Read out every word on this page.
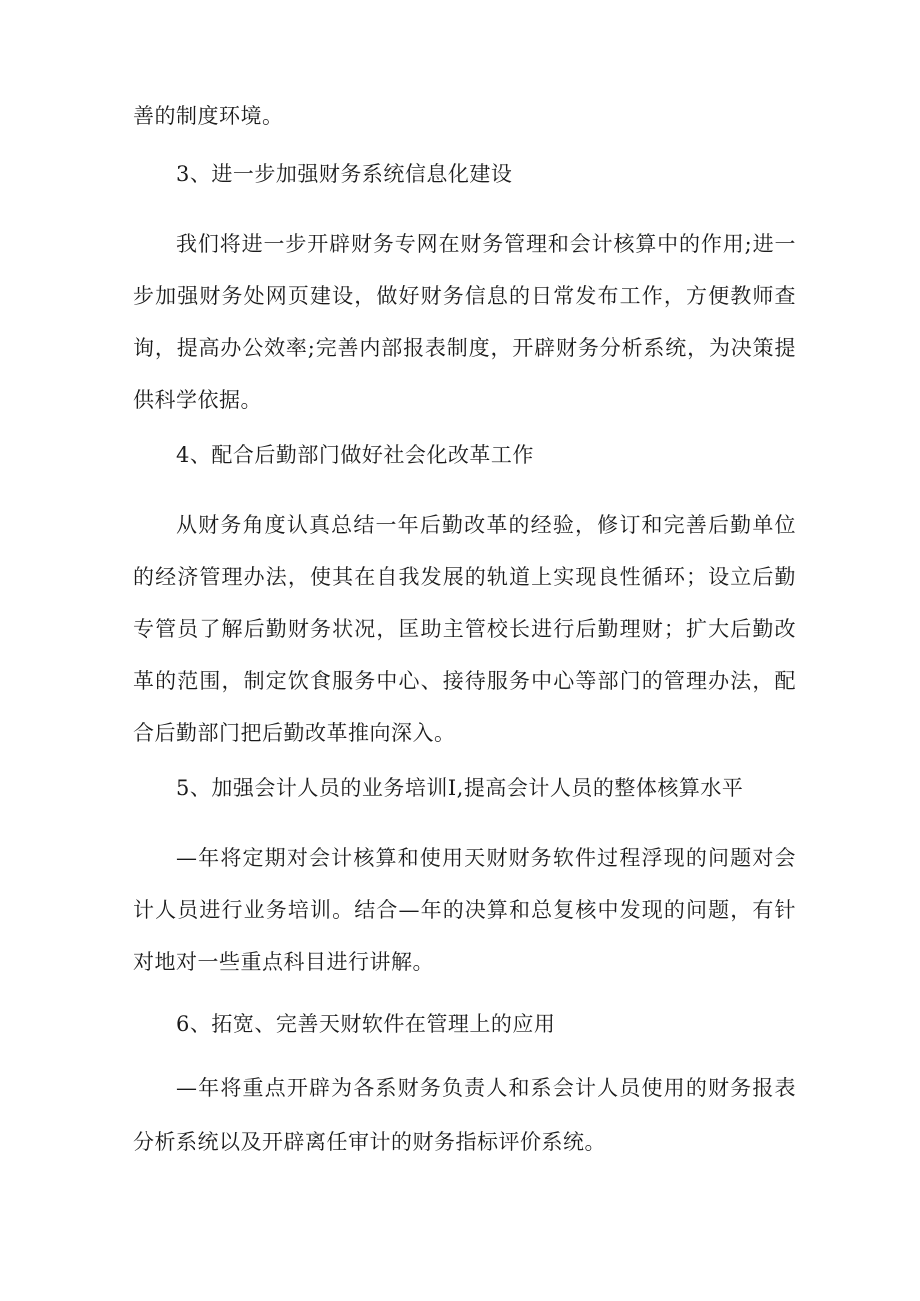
善的制度环境。
3、进一步加强财务系统信息化建设
我们将进一步开辟财务专网在财务管理和会计核算中的作用;进一
步加强财务处网页建设，做好财务信息的日常发布工作，方便教师查
询，提高办公效率;完善内部报表制度，开辟财务分析系统，为决策提
供科学依据。
4、配合后勤部门做好社会化改革工作
从财务角度认真总结一年后勤改革的经验，修订和完善后勤单位
的经济管理办法，使其在自我发展的轨道上实现良性循环；设立后勤
专管员了解后勤财务状况，匡助主管校长进行后勤理财；扩大后勤改
革的范围，制定饮食服务中心、接待服务中心等部门的管理办法，配
合后勤部门把后勤改革推向深入。
5、加强会计人员的业务培训I,提高会计人员的整体核算水平
—年将定期对会计核算和使用天财财务软件过程浮现的问题对会
计人员进行业务培训。结合—年的决算和总复核中发现的问题，有针
对地对一些重点科目进行讲解。
6、拓宽、完善天财软件在管理上的应用
—年将重点开辟为各系财务负责人和系会计人员使用的财务报表
分析系统以及开辟离任审计的财务指标评价系统。
